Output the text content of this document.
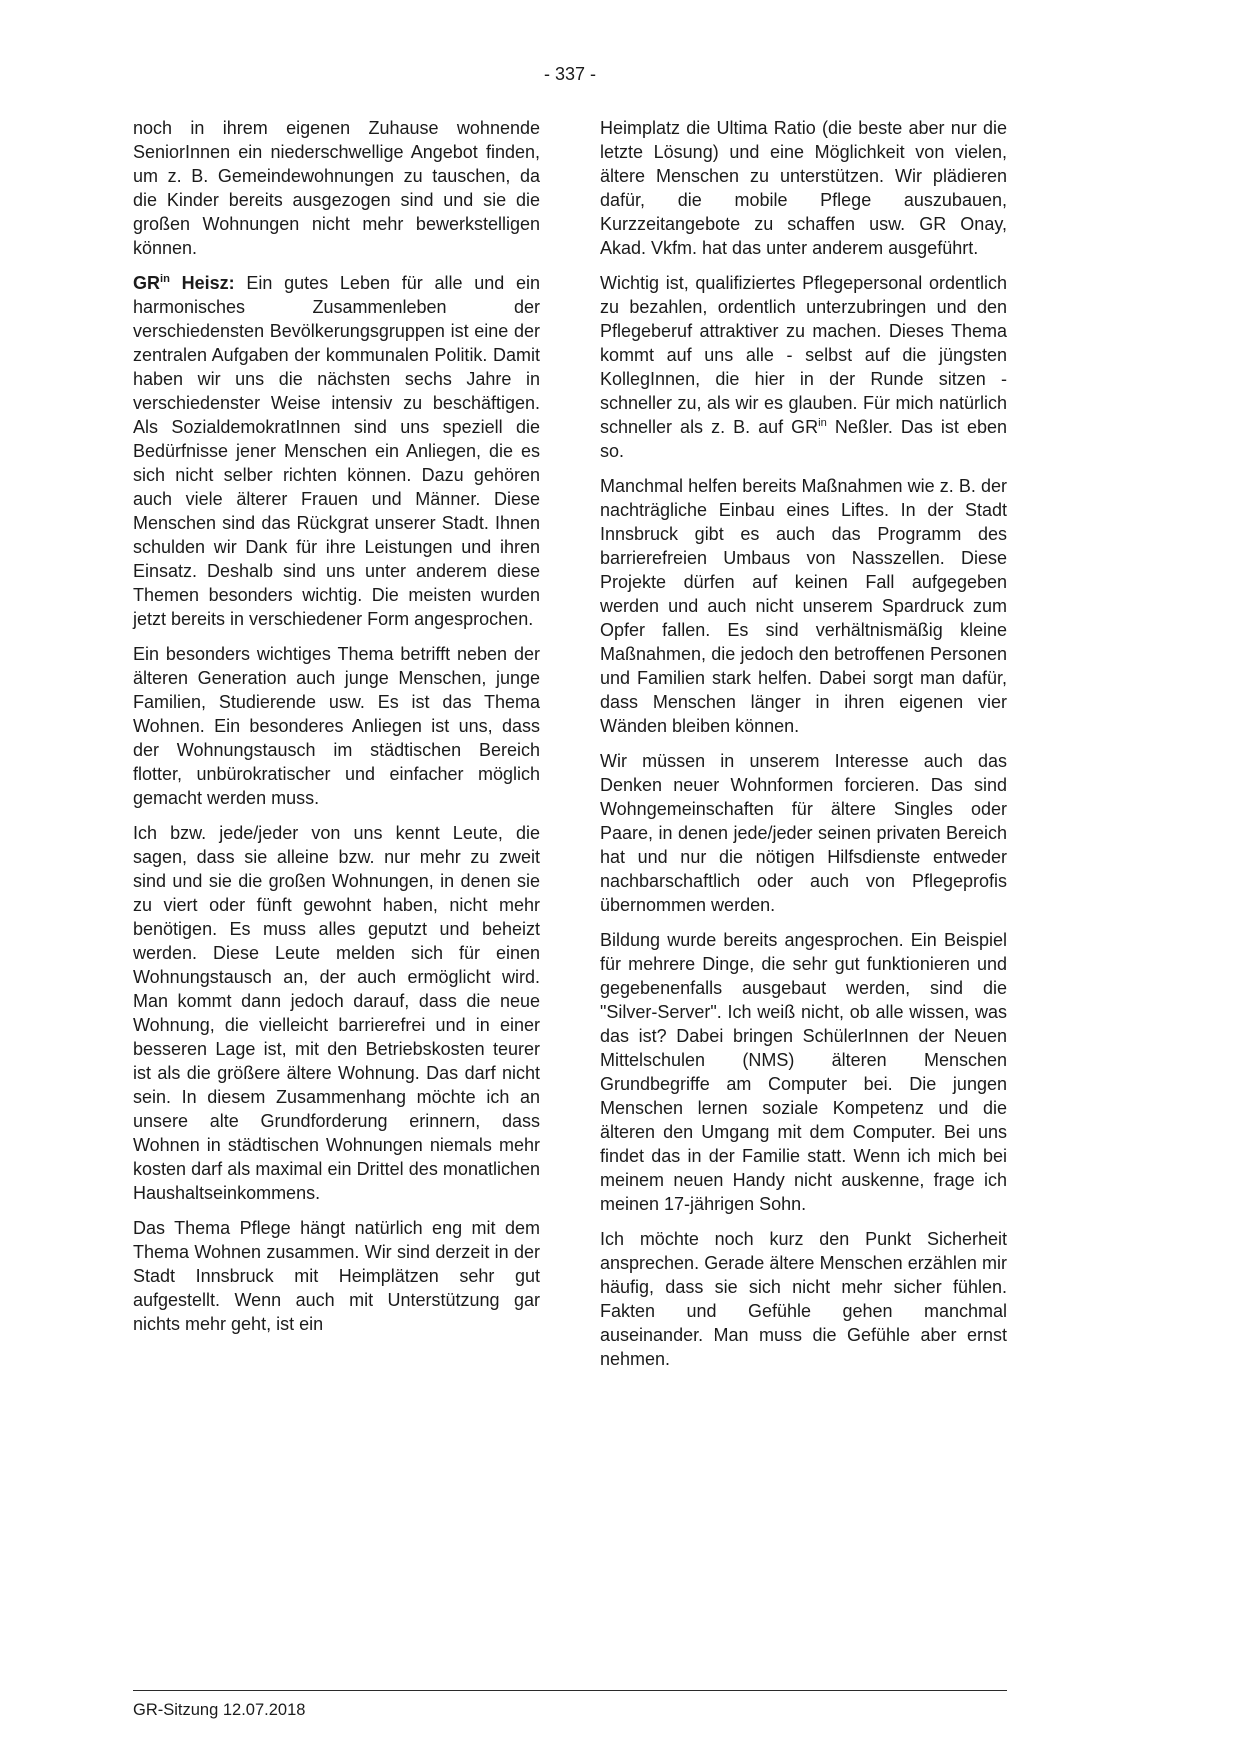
- 337 -

noch in ihrem eigenen Zuhause wohnende SeniorInnen ein niederschwellige Angebot finden, um z. B. Gemeindewohnungen zu tauschen, da die Kinder bereits ausgezogen sind und sie die großen Wohnungen nicht mehr bewerkstelligen können.

$GR^{in}$ Heisz: Ein gutes Leben für alle und ein harmonisches Zusammenleben der verschiedensten Bevölkerungsgruppen ist eine der zentralen Aufgaben der kommunalen Politik. Damit haben wir uns die nächsten sechs Jahre in verschiedenster Weise intensiv zu beschäftigen. Als SozialdemokratInnen sind uns speziell die Bedürfnisse jener Menschen ein Anliegen, die es sich nicht selber richten können. Dazu gehören auch viele älterer Frauen und Männer. Diese Menschen sind das Rückgrat unserer Stadt. Ihnen schulden wir Dank für ihre Leistungen und ihren Einsatz. Deshalb sind uns unter anderem diese Themen besonders wichtig. Die meisten wurden jetzt bereits in verschiedener Form angesprochen.

Ein besonders wichtiges Thema betrifft neben der älteren Generation auch junge Menschen, junge Familien, Studierende usw. Es ist das Thema Wohnen. Ein besonderes Anliegen ist uns, dass der Wohnungstausch im städtischen Bereich flotter, unbürokratischer und einfacher möglich gemacht werden muss.

Ich bzw. jede/jeder von uns kennt Leute, die sagen, dass sie alleine bzw. nur mehr zu zweit sind und sie die großen Wohnungen, in denen sie zu viert oder fünft gewohnt haben, nicht mehr benötigen. Es muss alles geputzt und beheizt werden. Diese Leute melden sich für einen Wohnungstausch an, der auch ermöglicht wird. Man kommt dann jedoch darauf, dass die neue Wohnung, die vielleicht barrierefrei und in einer besseren Lage ist, mit den Betriebskosten teurer ist als die größere ältere Wohnung. Das darf nicht sein. In diesem Zusammenhang möchte ich an unsere alte Grundforderung erinnern, dass Wohnen in städtischen Wohnungen niemals mehr kosten darf als maximal ein Drittel des monatlichen Haushaltseinkommens.

Das Thema Pflege hängt natürlich eng mit dem Thema Wohnen zusammen. Wir sind derzeit in der Stadt Innsbruck mit Heimplätzen sehr gut aufgestellt. Wenn auch mit Unterstützung gar nichts mehr geht, ist ein

Heimplatz die Ultima Ratio (die beste aber nur die letzte Lösung) und eine Möglichkeit von vielen, ältere Menschen zu unterstützen. Wir plädieren dafür, die mobile Pflege auszubauen, Kurzzeitangebote zu schaffen usw. GR Onay, Akad. Vkfm. hat das unter anderem ausgeführt.

Wichtig ist, qualifiziertes Pflegepersonal ordentlich zu bezahlen, ordentlich unterzubringen und den Pflegeberuf attraktiver zu machen. Dieses Thema kommt auf uns alle - selbst auf die jüngsten KollegInnen, die hier in der Runde sitzen - schneller zu, als wir es glauben. Für mich natürlich schneller als z. B. auf $GR^{in}$ Neßler. Das ist eben so.

Manchmal helfen bereits Maßnahmen wie z. B. der nachträgliche Einbau eines Liftes. In der Stadt Innsbruck gibt es auch das Programm des barrierefreien Umbaus von Nasszellen. Diese Projekte dürfen auf keinen Fall aufgegeben werden und auch nicht unserem Spardruck zum Opfer fallen. Es sind verhältnismäßig kleine Maßnahmen, die jedoch den betroffenen Personen und Familien stark helfen. Dabei sorgt man dafür, dass Menschen länger in ihren eigenen vier Wänden bleiben können.

Wir müssen in unserem Interesse auch das Denken neuer Wohnformen forcieren. Das sind Wohngemeinschaften für ältere Singles oder Paare, in denen jede/jeder seinen privaten Bereich hat und nur die nötigen Hilfsdienste entweder nachbarschaftlich oder auch von Pflegeprofis übernommen werden.

Bildung wurde bereits angesprochen. Ein Beispiel für mehrere Dinge, die sehr gut funktionieren und gegebenenfalls ausgebaut werden, sind die "Silver-Server". Ich weiß nicht, ob alle wissen, was das ist? Dabei bringen SchülerInnen der Neuen Mittelschulen (NMS) älteren Menschen Grundbegriffe am Computer bei. Die jungen Menschen lernen soziale Kompetenz und die älteren den Umgang mit dem Computer. Bei uns findet das in der Familie statt. Wenn ich mich bei meinem neuen Handy nicht auskenne, frage ich meinen 17-jährigen Sohn.

Ich möchte noch kurz den Punkt Sicherheit ansprechen. Gerade ältere Menschen erzählen mir häufig, dass sie sich nicht mehr sicher fühlen. Fakten und Gefühle gehen manchmal auseinander. Man muss die Gefühle aber ernst nehmen.

GR-Sitzung 12.07.2018
